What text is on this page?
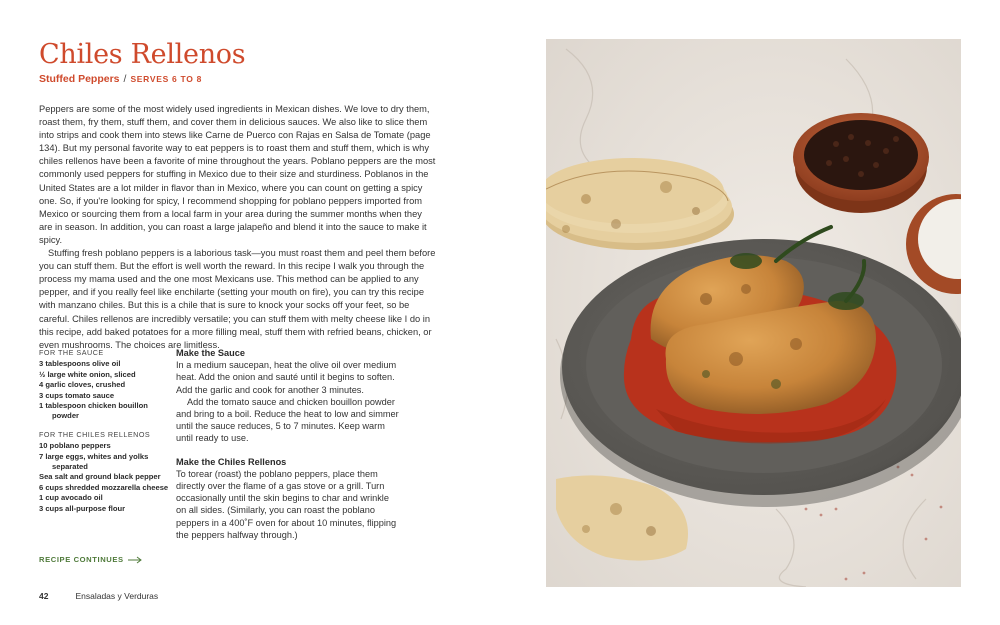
Chiles Rellenos
Stuffed Peppers / SERVES 6 TO 8

Peppers are some of the most widely used ingredients in Mexican dishes. We love to dry them, roast them, fry them, stuff them, and cover them in delicious sauces. We also like to slice them into strips and cook them into stews like Carne de Puerco con Rajas en Salsa de Tomate (page 134). But my personal favorite way to eat peppers is to roast them and stuff them, which is why chiles rellenos have been a favorite of mine throughout the years. Poblano peppers are the most commonly used peppers for stuffing in Mexico due to their size and sturdiness. Poblanos in the United States are a lot milder in flavor than in Mexico, where you can count on getting a spicy one. So, if you're looking for spicy, I recommend shopping for poblano peppers imported from Mexico or sourcing them from a local farm in your area during the summer months when they are in season. In addition, you can roast a large jalapeño and blend it into the sauce to make it spicy.

Stuffing fresh poblano peppers is a laborious task—you must roast them and peel them before you can stuff them. But the effort is well worth the reward. In this recipe I walk you through the process my mama used and the one most Mexicans use. This method can be applied to any pepper, and if you really feel like enchilarte (setting your mouth on fire), you can try this recipe with manzano chiles. But this is a chile that is sure to knock your socks off your feet, so be careful. Chiles rellenos are incredibly versatile; you can stuff them with melty cheese like I do in this recipe, add baked potatoes for a more filling meal, stuff them with refried beans, chicken, or even mushrooms. The choices are limitless.

FOR THE SAUCE
3 tablespoons olive oil
½ large white onion, sliced
4 garlic cloves, crushed
3 cups tomato sauce
1 tablespoon chicken bouillon powder
FOR THE CHILES RELLENOS
10 poblano peppers
7 large eggs, whites and yolks separated
Sea salt and ground black pepper
6 cups shredded mozzarella cheese
1 cup avocado oil
3 cups all-purpose flour
RECIPE CONTINUES
Make the Sauce

In a medium saucepan, heat the olive oil over medium heat. Add the onion and sauté until it begins to soften. Add the garlic and cook for another 3 minutes.

Add the tomato sauce and chicken bouillon powder and bring to a boil. Reduce the heat to low and simmer until the sauce reduces, 5 to 7 minutes. Keep warm until ready to use.

Make the Chiles Rellenos

To torear (roast) the poblano peppers, place them directly over the flame of a gas stove or a grill. Turn occasionally until the skin begins to char and wrinkle on all sides. (Similarly, you can roast the poblano peppers in a 400˚F oven for about 10 minutes, flipping the peppers halfway through.)

42	Ensaladas y Verduras
